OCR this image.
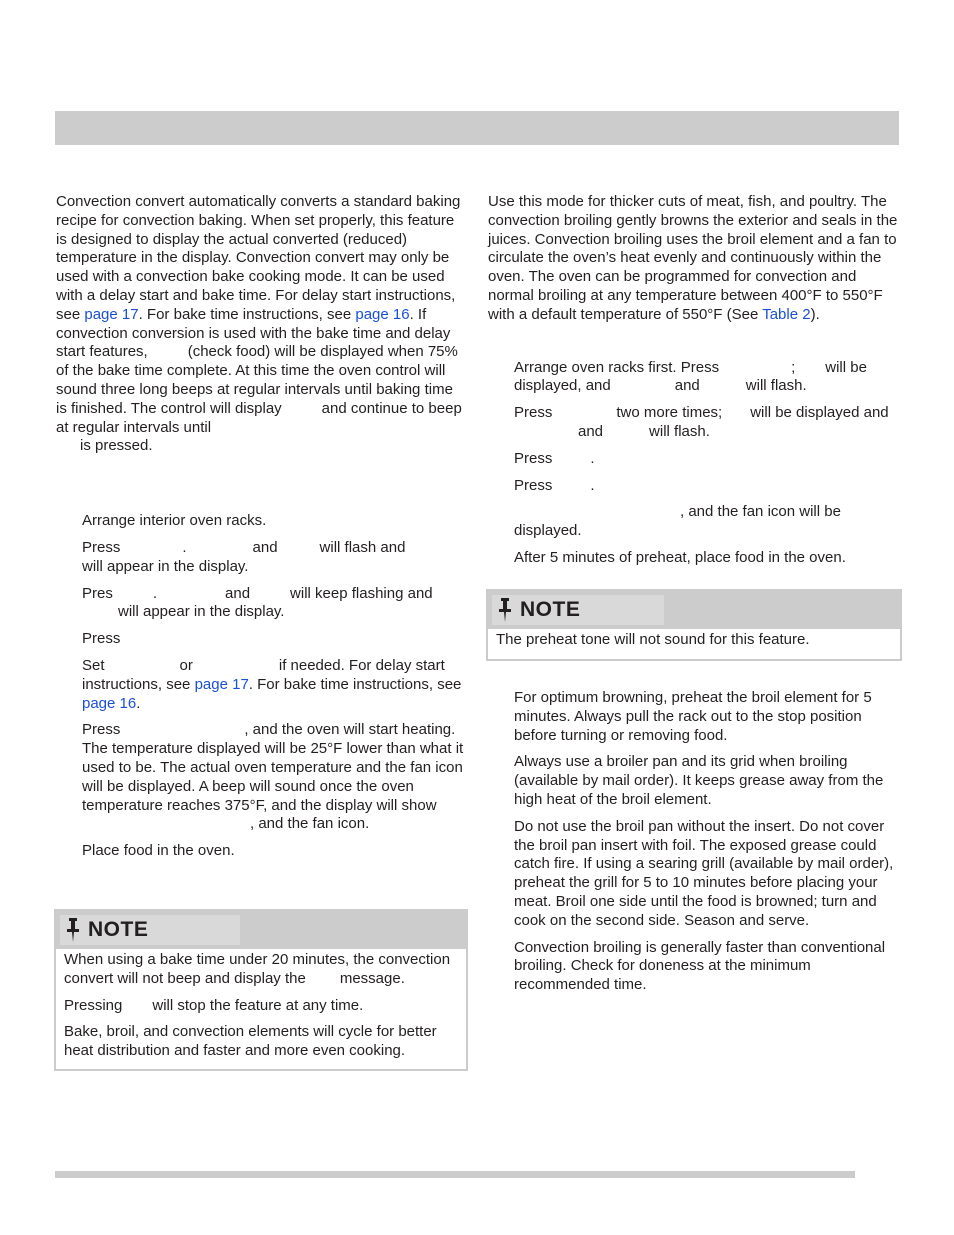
Convection convert automatically converts a standard baking recipe for convection baking. When set properly, this feature is designed to display the actual converted (reduced) temperature in the display. Convection convert may only be used with a convection bake cooking mode. It can be used with a delay start and bake time. For delay start instructions, see page 17. For bake time instructions, see page 16. If convection conversion is used with the bake time and delay start features,	(check food) will be displayed when 75% of the bake time complete. At this time the oven control will sound three long beeps at regular intervals until baking time is finished. The control will display	and continue to beep at regular intervals until
is pressed.

Arrange interior oven racks.

Press	.	and	will flash and
will appear in the display.

Pres	.	and	will keep flashing and
will appear in the display.

Press

Set	or	if needed. For delay start instructions, see page 17. For bake time instructions, see page 16.

Press	, and the oven will start heating. The temperature displayed will be 25°F lower than what it used to be. The actual oven temperature and the fan icon will be displayed. A beep will sound once the oven temperature reaches 375°F, and the display will show, and the fan icon.

Place food in the oven.

NOTE

When using a bake time under 20 minutes, the convection convert will not beep and display the message.

Pressing will stop the feature at any time.

Bake, broil, and convection elements will cycle for better heat distribution and faster and more even cooking.

Use this mode for thicker cuts of meat, fish, and poultry. The convection broiling gently browns the exterior and seals in the juices. Convection broiling uses the broil element and a fan to circulate the oven’s heat evenly and continuously within the oven. The oven can be programmed for convection and normal broiling at any temperature between 400°F to 550°F with a default temperature of 550°F (See Table 2).

Arrange oven racks first. Press	; will be displayed, and	and	will flash.

Press	two more times; will be displayed andand	will flash.

Press	.

Press	.

, and the fan icon will be displayed.

After 5 minutes of preheat, place food in the oven.

NOTE

The preheat tone will not sound for this feature.

For optimum browning, preheat the broil element for 5 minutes. Always pull the rack out to the stop position before turning or removing food.

Always use a broiler pan and its grid when broiling (available by mail order). It keeps grease away from the high heat of the broil element.

Do not use the broil pan without the insert. Do not cover the broil pan insert with foil. The exposed grease could catch fire. If using a searing grill (available by mail order), preheat the grill for 5 to 10 minutes before placing your meat. Broil one side until the food is browned; turn and cook on the second side. Season and serve.

Convection broiling is generally faster than conventional broiling. Check for doneness at the minimum recommended time.
